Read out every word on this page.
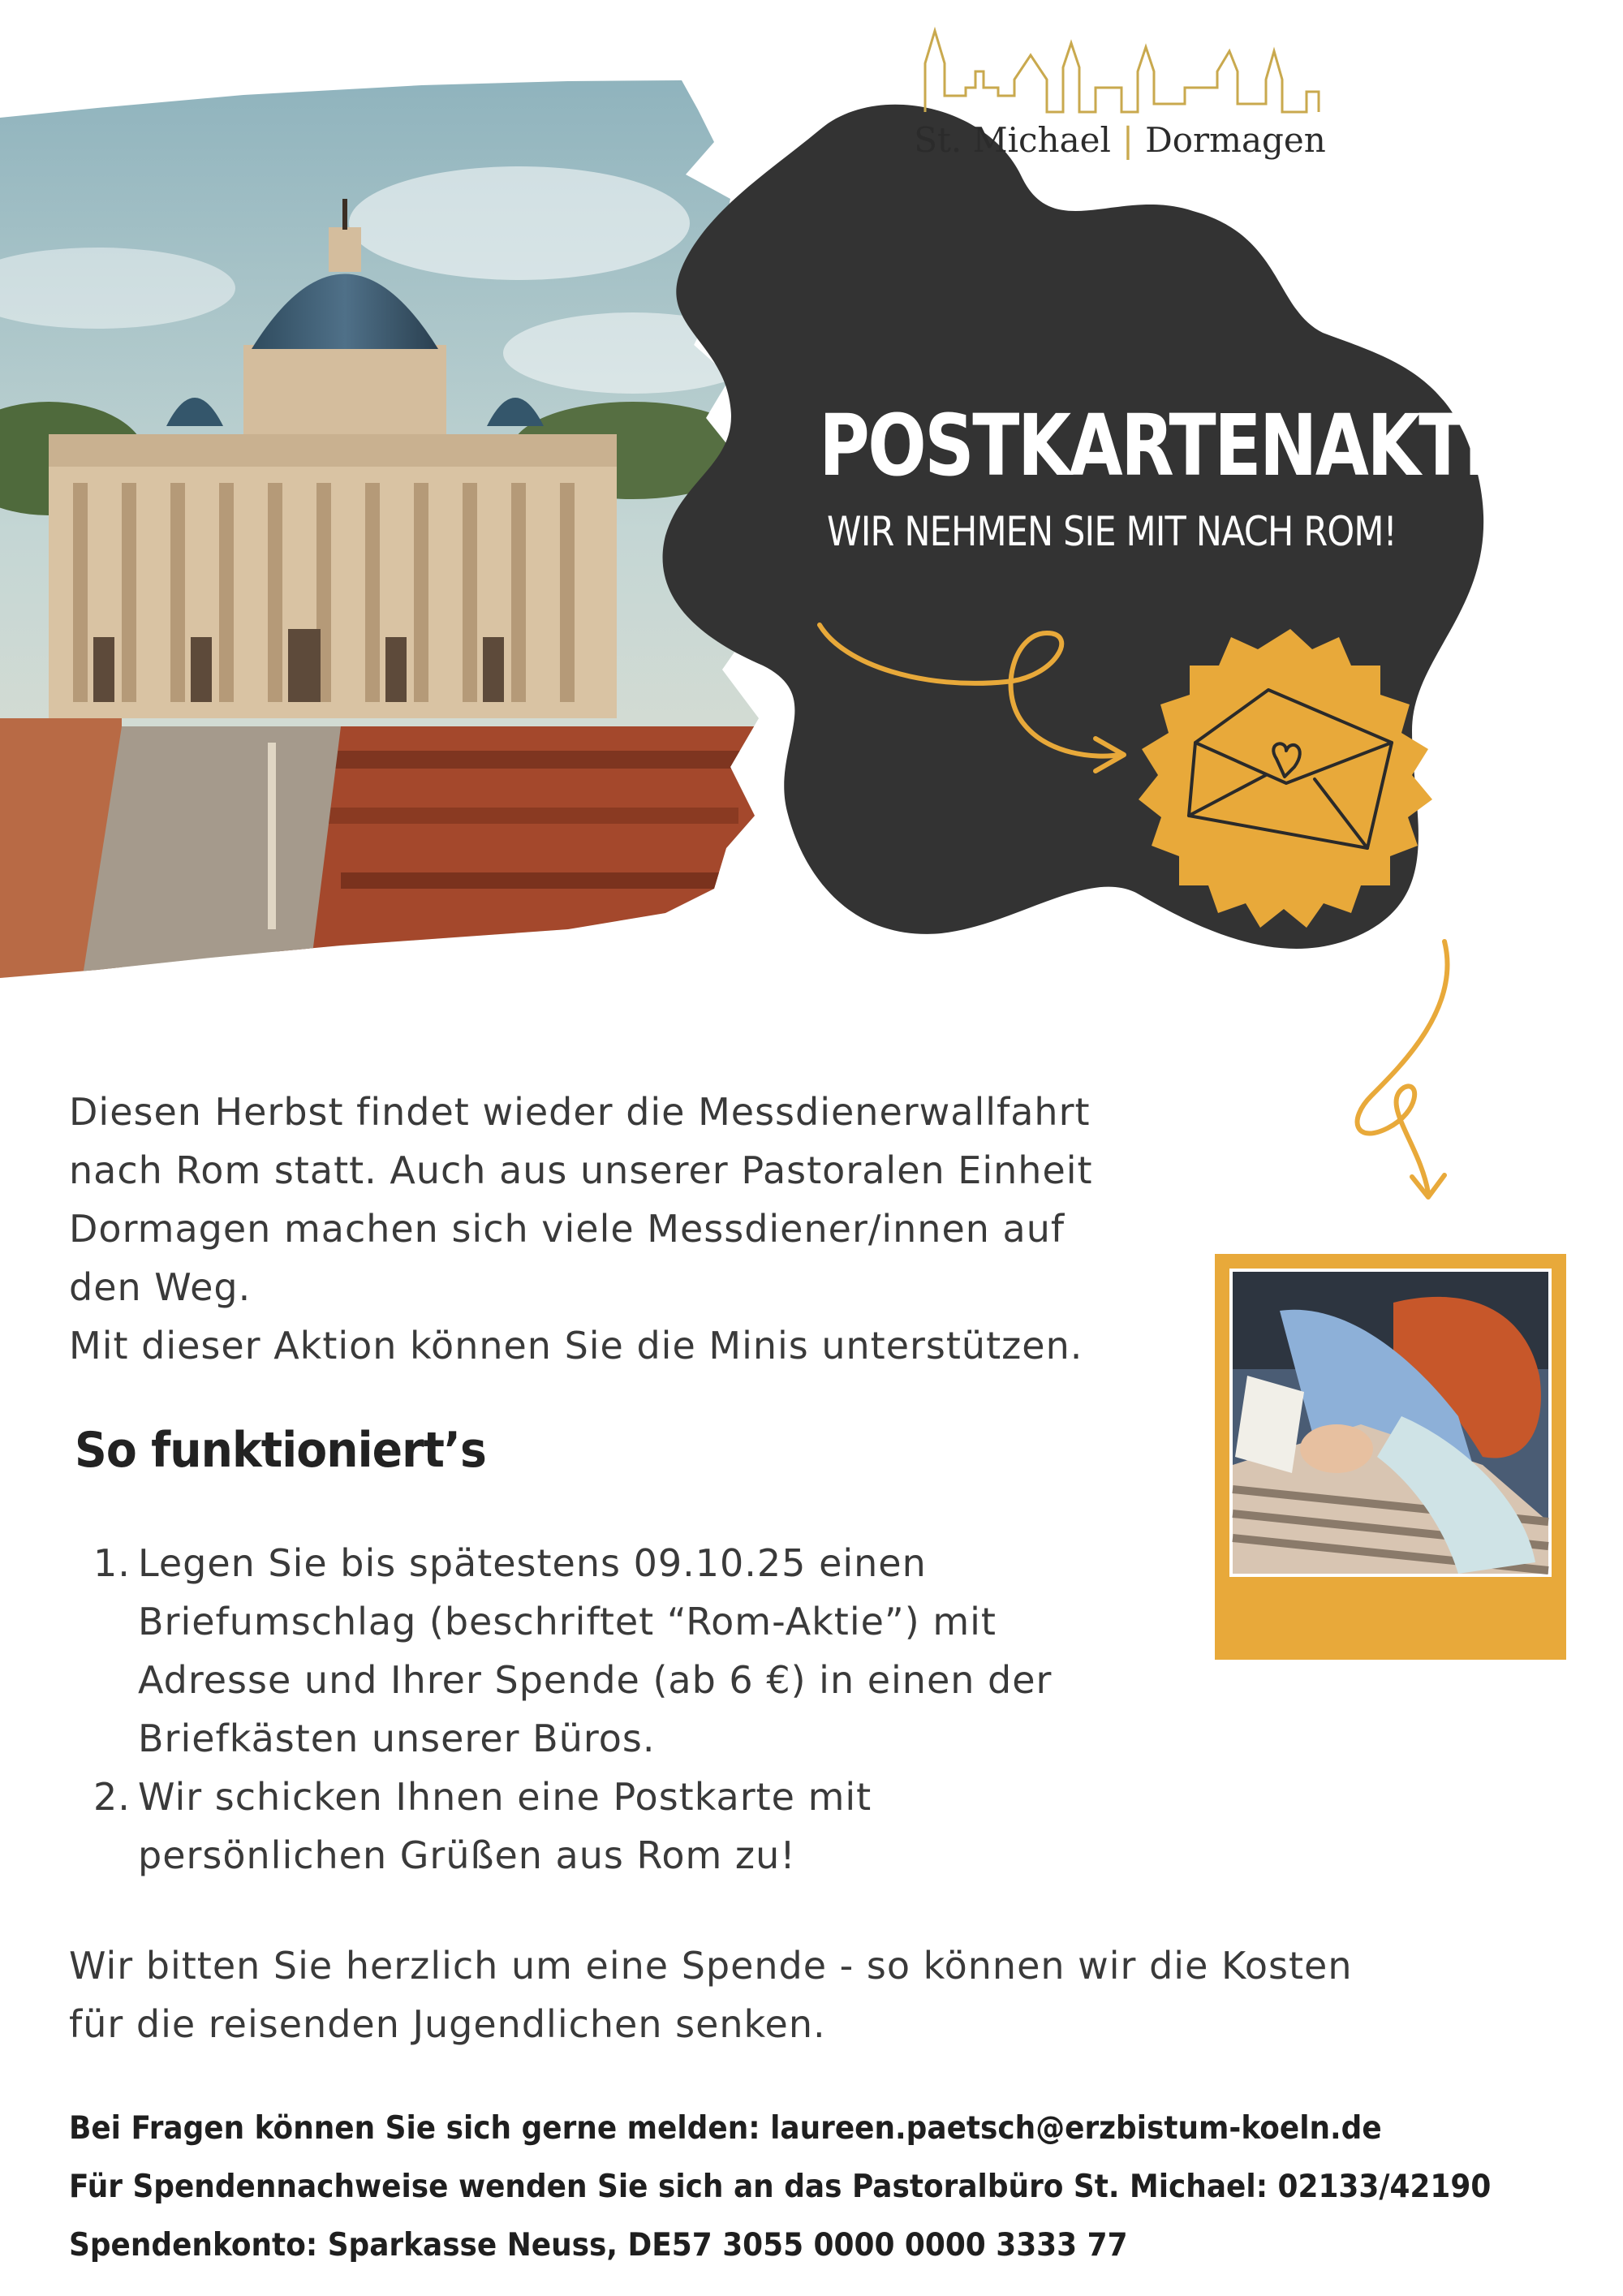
St. Michael | Dormagen
POSTKARTENAKTION
WIR NEHMEN SIE MIT NACH ROM!

Diesen Herbst findet wieder die Messdienerwallfahrt

nach Rom statt. Auch aus unserer Pastoralen Einheit

Dormagen machen sich viele Messdiener/innen auf

den Weg.

Mit dieser Aktion können Sie die Minis unterstützen.

So funktioniert’s
1. Legen Sie bis spätestens 09.10.25 einen
Briefumschlag (beschriftet “Rom-Aktie”) mit
Adresse und Ihrer Spende (ab 6 €) in einen der
Briefkästen unserer Büros.
2. Wir schicken Ihnen eine Postkarte mit
persönlichen Grüßen aus Rom zu!

Wir bitten Sie herzlich um eine Spende - so können wir die Kosten

für die reisenden Jugendlichen senken.

Bei Fragen können Sie sich gerne melden: laureen.paetsch@erzbistum-koeln.de
Für Spendennachweise wenden Sie sich an das Pastoralbüro St. Michael: 02133/42190
Spendenkonto: Sparkasse Neuss, DE57 3055 0000 0000 3333 77
